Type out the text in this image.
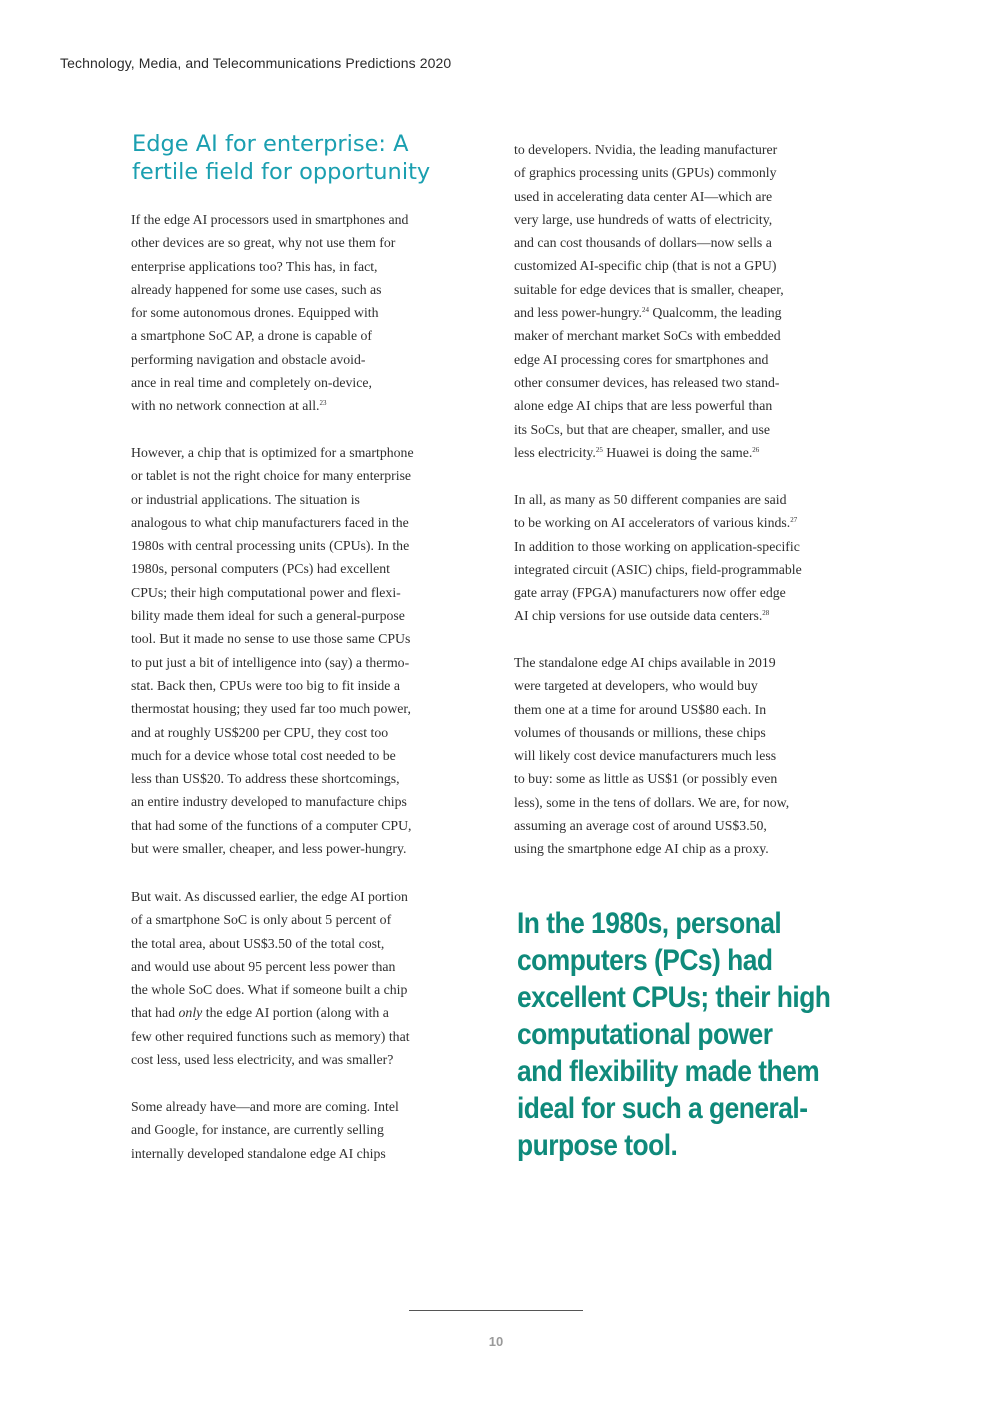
Technology, Media, and Telecommunications Predictions 2020
Edge AI for enterprise: A
fertile field for opportunity

If the edge AI processors used in smartphones and
other devices are so great, why not use them for
enterprise applications too? This has, in fact,
already happened for some use cases, such as
for some autonomous drones. Equipped with
a smartphone SoC AP, a drone is capable of
performing navigation and obstacle avoid-
ance in real time and completely on-device,
with no network connection at all.$^{23}$

However, a chip that is optimized for a smartphone
or tablet is not the right choice for many enterprise
or industrial applications. The situation is
analogous to what chip manufacturers faced in the
1980s with central processing units (CPUs). In the
1980s, personal computers (PCs) had excellent
CPUs; their high computational power and flexi-
bility made them ideal for such a general-purpose
tool. But it made no sense to use those same CPUs
to put just a bit of intelligence into (say) a thermo-
stat. Back then, CPUs were too big to fit inside a
thermostat housing; they used far too much power,
and at roughly US$200 per CPU, they cost too
much for a device whose total cost needed to be
less than US$20. To address these shortcomings,
an entire industry developed to manufacture chips
that had some of the functions of a computer CPU,
but were smaller, cheaper, and less power-hungry.

But wait. As discussed earlier, the edge AI portion
of a smartphone SoC is only about 5 percent of
the total area, about US$3.50 of the total cost,
and would use about 95 percent less power than
the whole SoC does. What if someone built a chip
that had only the edge AI portion (along with a
few other required functions such as memory) that
cost less, used less electricity, and was smaller?

Some already have—and more are coming. Intel
and Google, for instance, are currently selling
internally developed standalone edge AI chips

to developers. Nvidia, the leading manufacturer
of graphics processing units (GPUs) commonly
used in accelerating data center AI—which are
very large, use hundreds of watts of electricity,
and can cost thousands of dollars—now sells a
customized AI-specific chip (that is not a GPU)
suitable for edge devices that is smaller, cheaper,
and less power-hungry.$^{24}$ Qualcomm, the leading
maker of merchant market SoCs with embedded
edge AI processing cores for smartphones and
other consumer devices, has released two stand-
alone edge AI chips that are less powerful than
its SoCs, but that are cheaper, smaller, and use
less electricity.$^{25}$ Huawei is doing the same.$^{26}$

In all, as many as 50 different companies are said
to be working on AI accelerators of various kinds.$^{27}$
In addition to those working on application-specific
integrated circuit (ASIC) chips, field-programmable
gate array (FPGA) manufacturers now offer edge
AI chip versions for use outside data centers.$^{28}$

The standalone edge AI chips available in 2019
were targeted at developers, who would buy
them one at a time for around US$80 each. In
volumes of thousands or millions, these chips
will likely cost device manufacturers much less
to buy: some as little as US$1 (or possibly even
less), some in the tens of dollars. We are, for now,
assuming an average cost of around US$3.50,
using the smartphone edge AI chip as a proxy.

In the 1980s, personal
computers (PCs) had
excellent CPUs; their high
computational power
and flexibility made them
ideal for such a general-
purpose tool.
10
